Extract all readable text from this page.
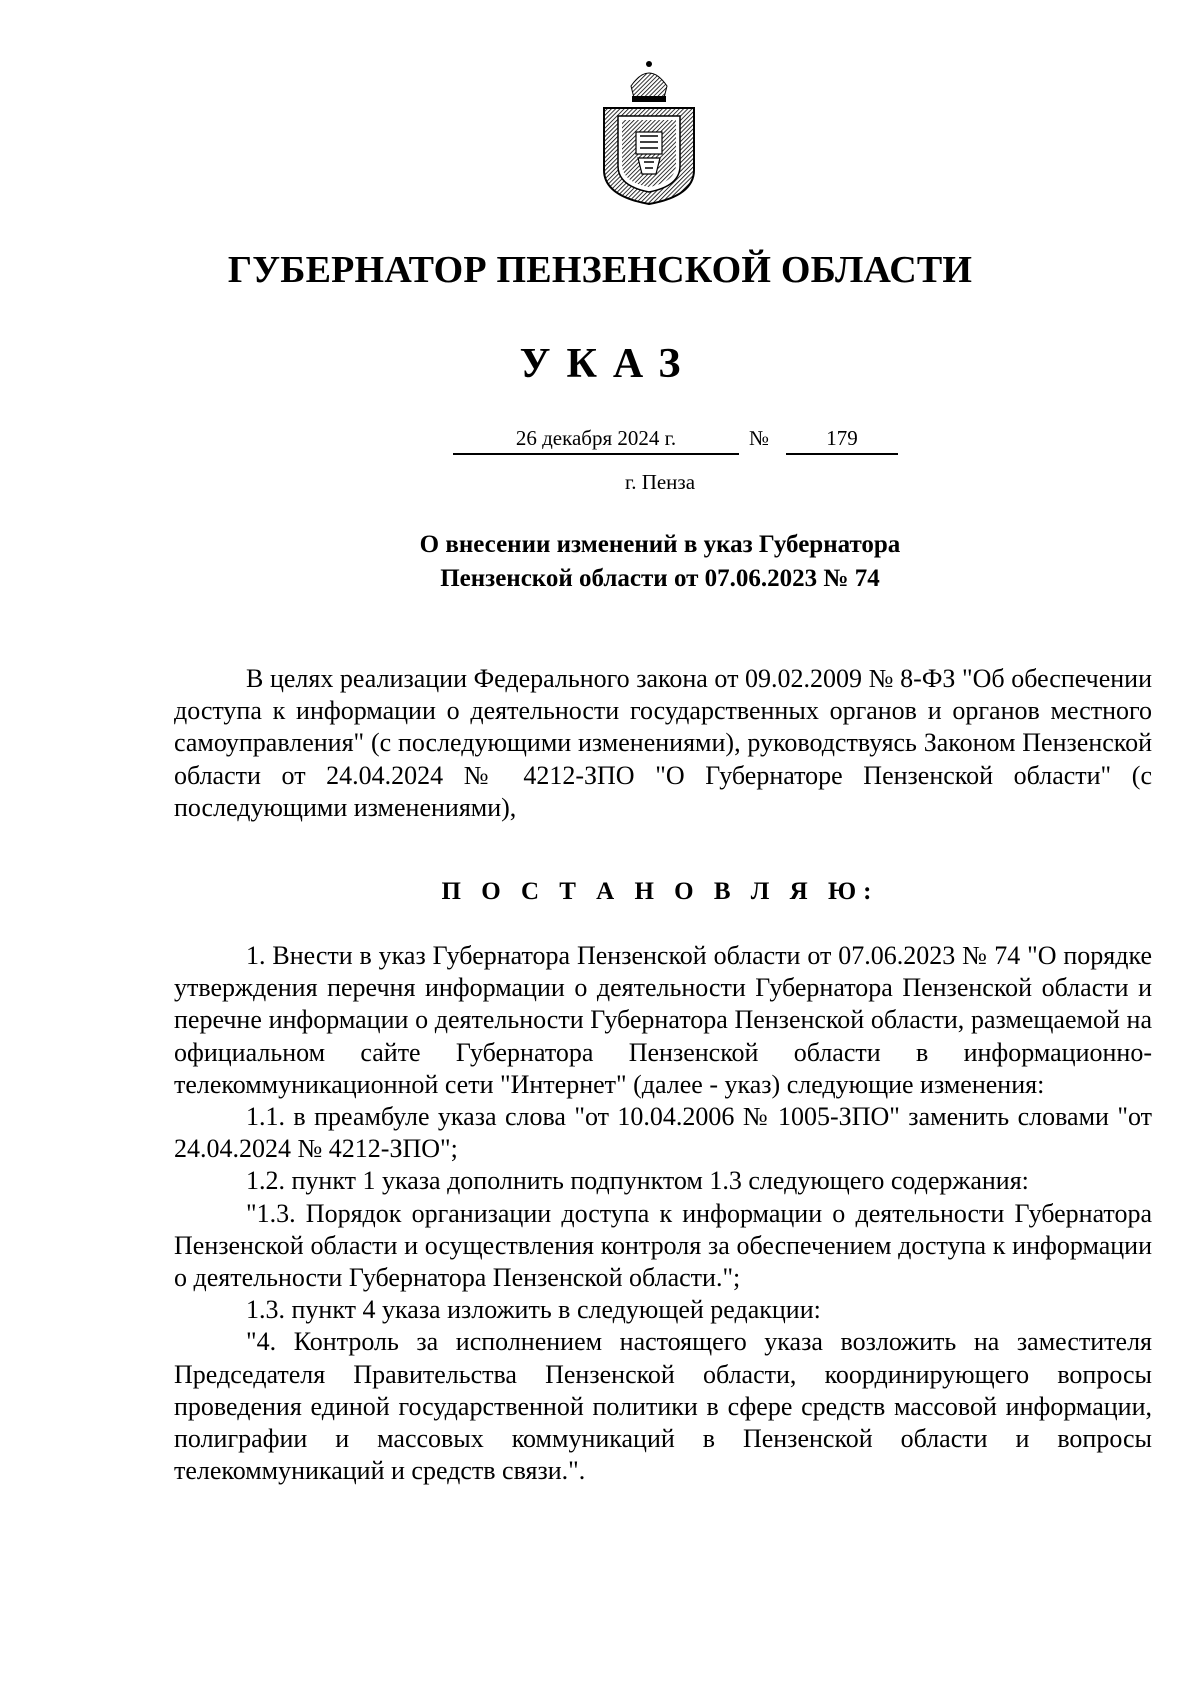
ГУБЕРНАТОР ПЕНЗЕНСКОЙ ОБЛАСТИ
УКАЗ
26 декабря 2024 г.	№	179
г. Пенза
О внесении изменений в указ Губернатора
Пензенской области от 07.06.2023 № 74

В целях реализации Федерального закона от 09.02.2009 № 8-ФЗ "Об обеспечении доступа к информации о деятельности государственных органов и органов местного самоуправления" (с последующими изменениями), руководствуясь Законом Пензенской области от 24.04.2024 № 4212-ЗПО "О Губернаторе Пензенской области" (с последующими изменениями),

П О С Т А Н О В Л Я Ю:

1. Внести в указ Губернатора Пензенской области от 07.06.2023 № 74 "О порядке утверждения перечня информации о деятельности Губернатора Пензенской области и перечне информации о деятельности Губернатора Пензенской области, размещаемой на официальном сайте Губернатора Пензенской области в информационно-телекоммуникационной сети "Интернет" (далее - указ) следующие изменения:

1.1. в преамбуле указа слова "от 10.04.2006 № 1005-ЗПО" заменить словами "от 24.04.2024 № 4212-ЗПО";

1.2. пункт 1 указа дополнить подпунктом 1.3 следующего содержания:

"1.3. Порядок организации доступа к информации о деятельности Губернатора Пензенской области и осуществления контроля за обеспечением доступа к информации о деятельности Губернатора Пензенской области.";

1.3. пункт 4 указа изложить в следующей редакции:

"4. Контроль за исполнением настоящего указа возложить на заместителя Председателя Правительства Пензенской области, координирующего вопросы проведения единой государственной политики в сфере средств массовой информации, полиграфии и массовых коммуникаций в Пензенской области и вопросы телекоммуникаций и средств связи.".
